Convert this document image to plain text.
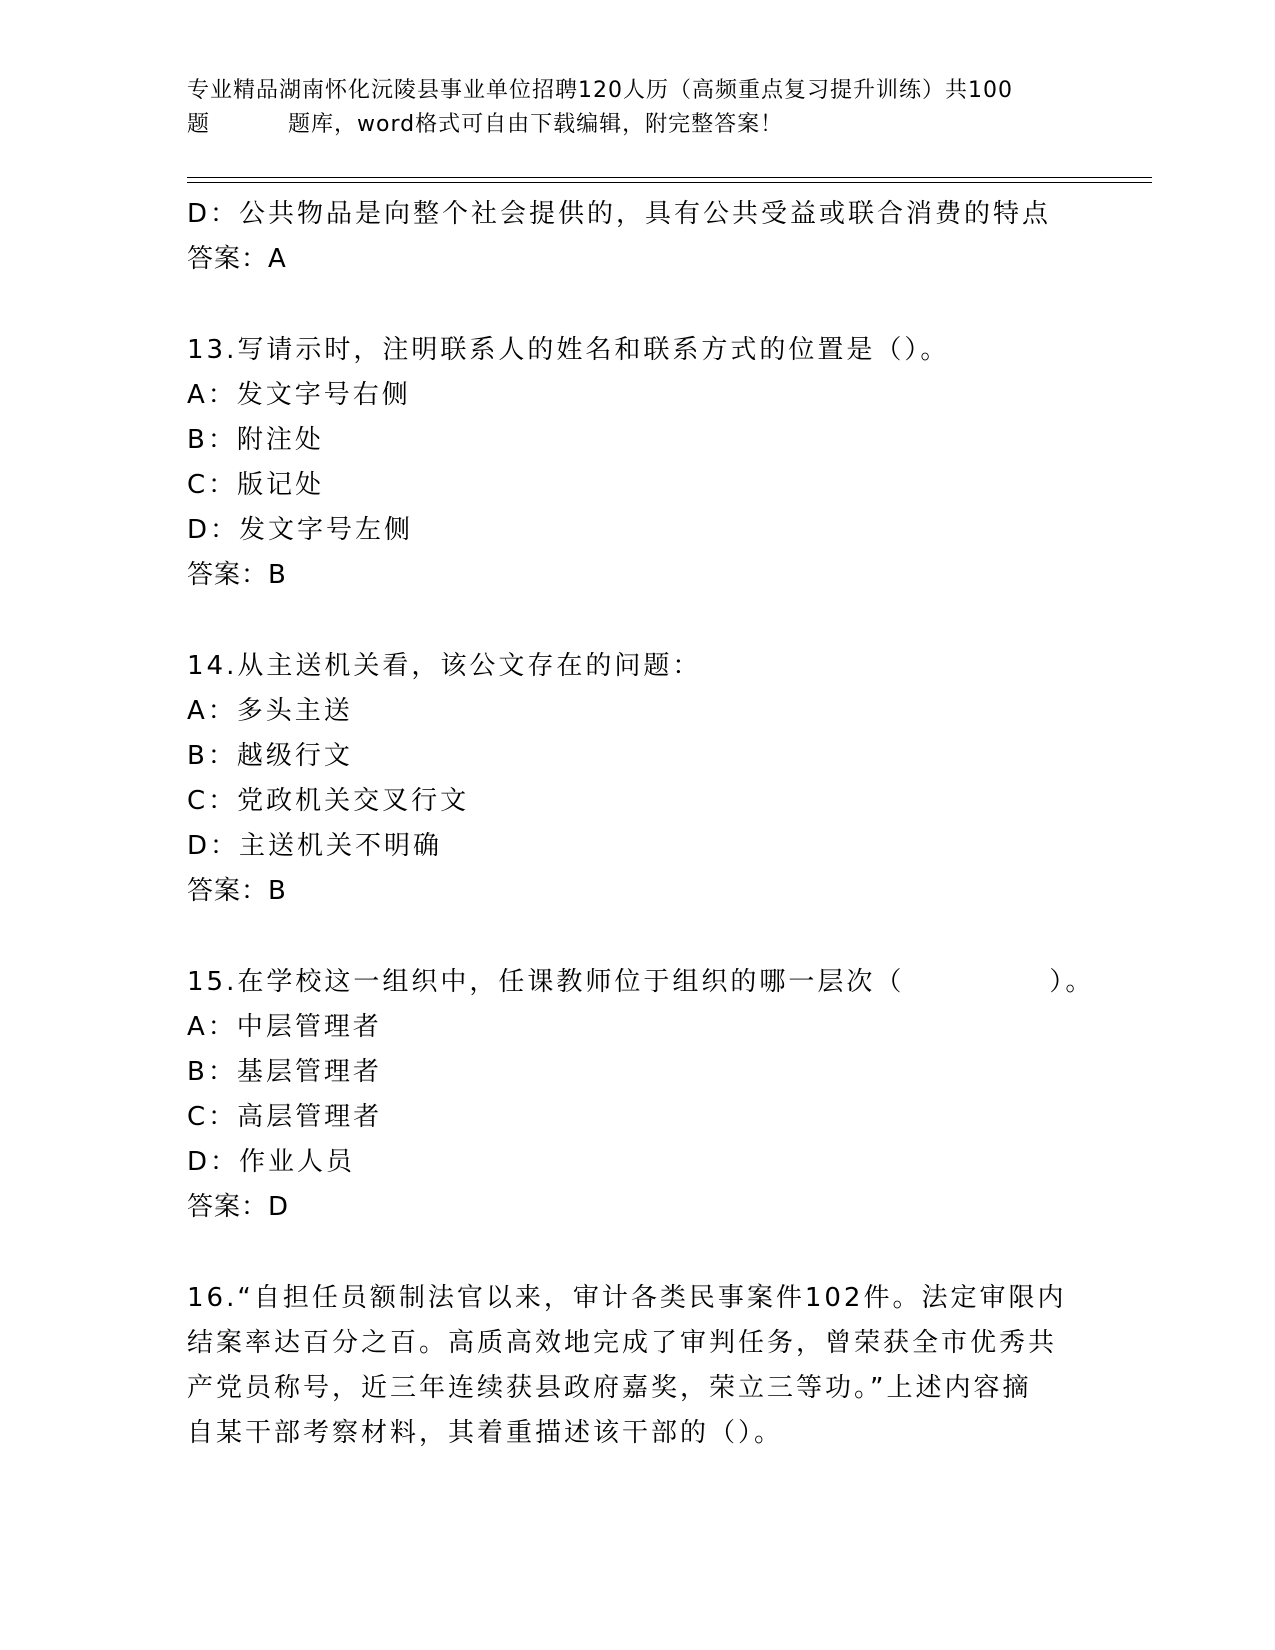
专业精品湖南怀化沅陵县事业单位招聘120人历（高频重点复习提升训练）共100
题	题库，word格式可自由下载编辑，附完整答案！
D：公共物品是向整个社会提供的，具有公共受益或联合消费的特点
答案：A
13.写请示时，注明联系人的姓名和联系方式的位置是（）。
A：发文字号右侧
B：附注处
C：版记处
D：发文字号左侧
答案：B
14.从主送机关看，该公文存在的问题：
A：多头主送
B：越级行文
C：党政机关交叉行文
D：主送机关不明确
答案：B
15.在学校这一组织中，任课教师位于组织的哪一层次（　　　　　）。
A：中层管理者
B：基层管理者
C：高层管理者
D：作业人员
答案：D
16.“自担任员额制法官以来，审计各类民事案件102件。法定审限内
结案率达百分之百。高质高效地完成了审判任务，曾荣获全市优秀共
产党员称号，近三年连续获县政府嘉奖，荣立三等功。”上述内容摘
自某干部考察材料，其着重描述该干部的（）。
